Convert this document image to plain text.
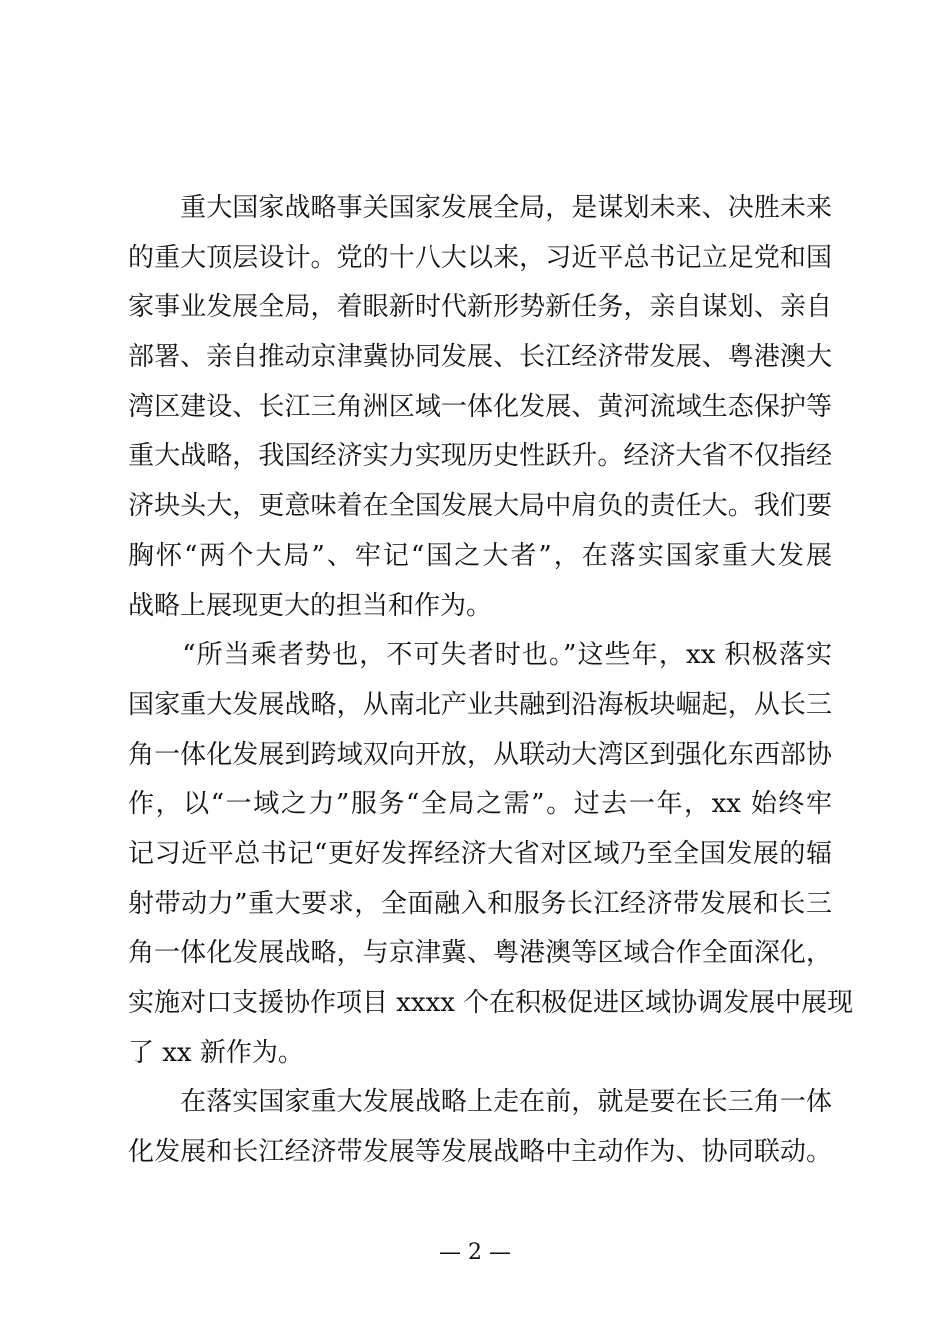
　　重大国家战略事关国家发展全局，是谋划未来、决胜未来
的重大顶层设计。党的十八大以来，习近平总书记立足党和国
家事业发展全局，着眼新时代新形势新任务，亲自谋划、亲自
部署、亲自推动京津冀协同发展、长江经济带发展、粤港澳大
湾区建设、长江三角洲区域一体化发展、黄河流域生态保护等
重大战略，我国经济实力实现历史性跃升。经济大省不仅指经
济块头大，更意味着在全国发展大局中肩负的责任大。我们要
胸怀“两个大局”、牢记“国之大者”，在落实国家重大发展
战略上展现更大的担当和作为。
　　“所当乘者势也，不可失者时也。”这些年，xx 积极落实
国家重大发展战略，从南北产业共融到沿海板块崛起，从长三
角一体化发展到跨域双向开放，从联动大湾区到强化东西部协
作，以“一域之力”服务“全局之需”。过去一年，xx 始终牢
记习近平总书记“更好发挥经济大省对区域乃至全国发展的辐
射带动力”重大要求，全面融入和服务长江经济带发展和长三
角一体化发展战略，与京津冀、粤港澳等区域合作全面深化，
实施对口支援协作项目 xxxx 个在积极促进区域协调发展中展现
了 xx 新作为。
　　在落实国家重大发展战略上走在前，就是要在长三角一体
化发展和长江经济带发展等发展战略中主动作为、协同联动。
— 2 —
